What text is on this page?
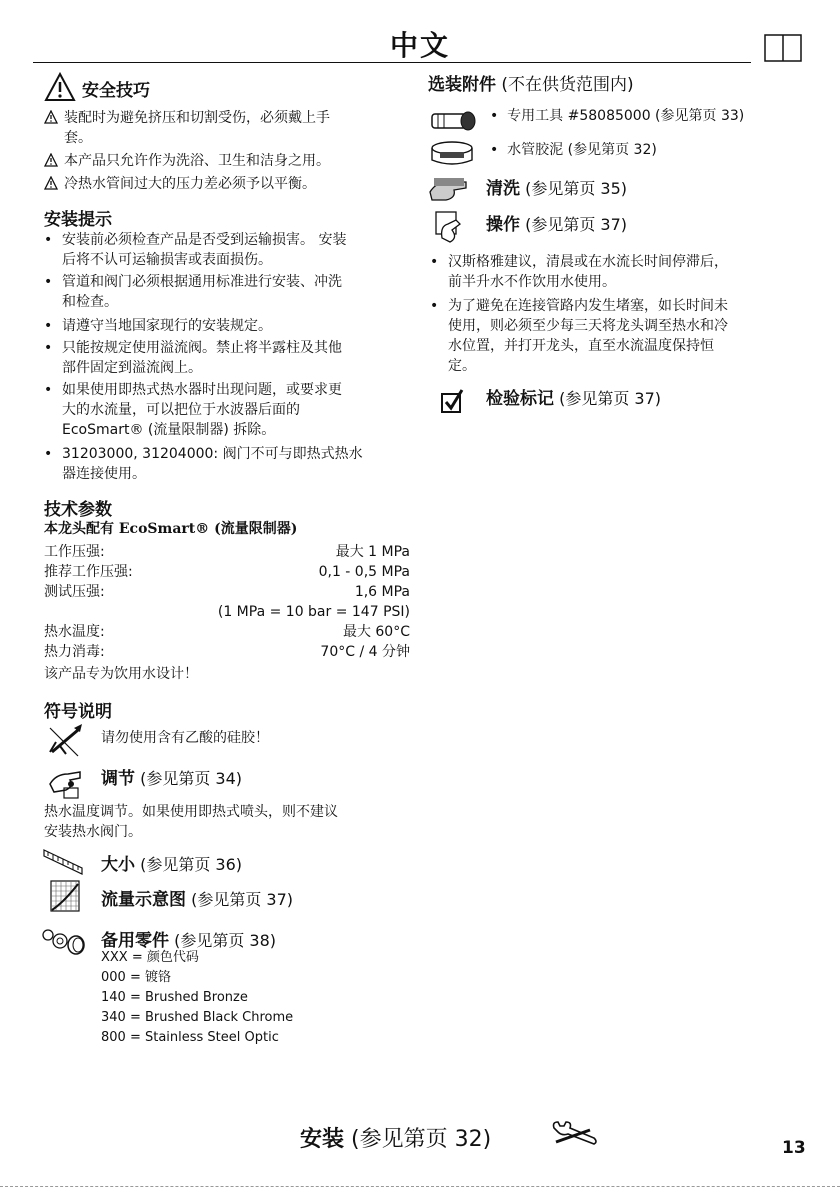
中文
安全技巧
装配时为避免挤压和切割受伤，必须戴上手
套。
本产品只允许作为洗浴、卫生和洁身之用。
冷热水管间过大的压力差必须予以平衡。
安装提示
• 安装前必须检查产品是否受到运输损害。 安装
后将不认可运输损害或表面损伤。
• 管道和阀门必须根据通用标准进行安装、冲洗
和检查。
• 请遵守当地国家现行的安装规定。
• 只能按规定使用溢流阀。禁止将半露柱及其他
部件固定到溢流阀上。
• 如果使用即热式热水器时出现问题，或要求更
大的水流量，可以把位于水波器后面的
EcoSmart® (流量限制器) 拆除。
• 31203000, 31204000: 阀门不可与即热式热水
器连接使用。
技术参数
本龙头配有 EcoSmart® (流量限制器)
工作压强:	最大 1 MPa
推荐工作压强:	0,1 - 0,5 MPa
测试压强:	1,6 MPa
(1 MPa = 10 bar = 147 PSI)
热水温度:	最大 60°C
热力消毒:	70°C / 4 分钟
该产品专为饮用水设计！
符号说明
请勿使用含有乙酸的硅胶！
调节 (参见第页 34)
热水温度调节。如果使用即热式喷头，则不建议
安装热水阀门。
大小 (参见第页 36)
流量示意图 (参见第页 37)
备用零件 (参见第页 38)
XXX = 颜色代码
000 = 镀铬
140 = Brushed Bronze
340 = Brushed Black Chrome
800 = Stainless Steel Optic
选装附件 (不在供货范围内)
• 专用工具 #58085000 (参见第页 33)
• 水管胶泥 (参见第页 32)
清洗 (参见第页 35)
操作 (参见第页 37)
• 汉斯格雅建议，清晨或在水流长时间停滞后，
前半升水不作饮用水使用。
• 为了避免在连接管路内发生堵塞，如长时间未
使用，则必须至少每三天将龙头调至热水和冷
水位置，并打开龙头，直至水流温度保持恒
定。
检验标记 (参见第页 37)
安装 (参见第页 32)	13
